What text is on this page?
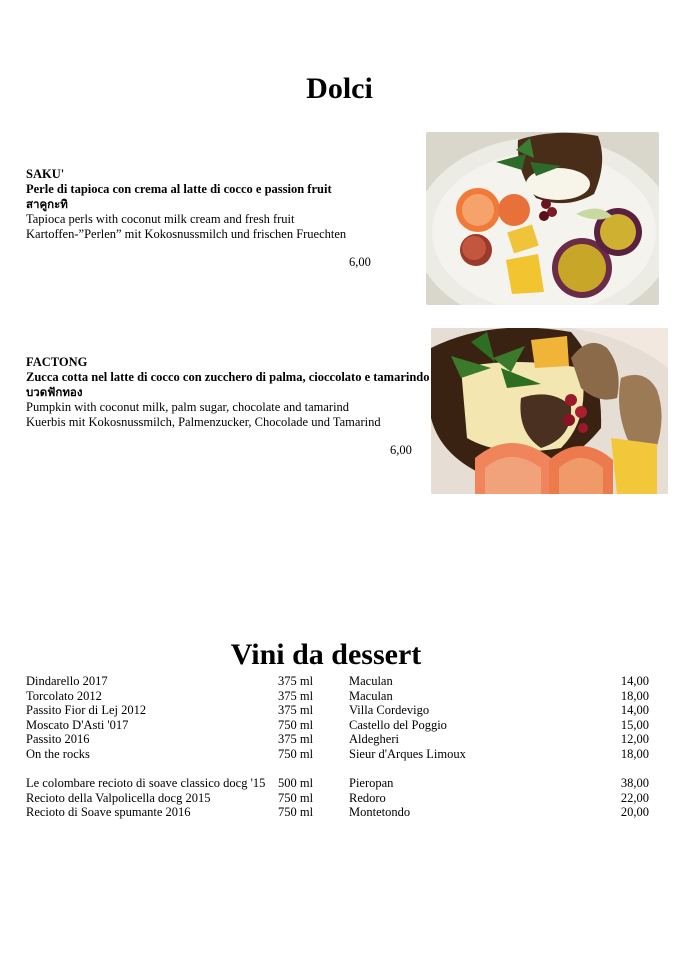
Dolci
SAKU'
Perle di tapioca con crema al latte di cocco e passion fruit
สาคูกะทิ
Tapioca perls with coconut milk cream and fresh fruit
Kartoffen-”Perlen” mit Kokosnussmilch und frischen Fruechten
6,00
FACTONG
Zucca cotta nel latte di cocco con zucchero di palma, cioccolato e tamarindo
บวดฟักทอง
Pumpkin with coconut milk, palm sugar, chocolate and tamarind
Kuerbis mit Kokosnussmilch, Palmenzucker, Chocolade und Tamarind
6,00
Vini da dessert
Dindarello 2017
Torcolato 2012
Passito Fior di Lej 2012
Moscato D'Asti '017
Passito 2016
On the rocks
Le colombare recioto di soave classico docg '15
Recioto della Valpolicella docg 2015
Recioto di Soave spumante 2016
375 ml
375 ml
375 ml
750 ml
375 ml
750 ml
500 ml
750 ml
750 ml
Maculan
Maculan
Villa Cordevigo
Castello del Poggio
Aldegheri
Sieur d'Arques Limoux
Pieropan
Redoro
Montetondo
14,00
18,00
14,00
15,00
12,00
18,00
38,00
22,00
20,00
